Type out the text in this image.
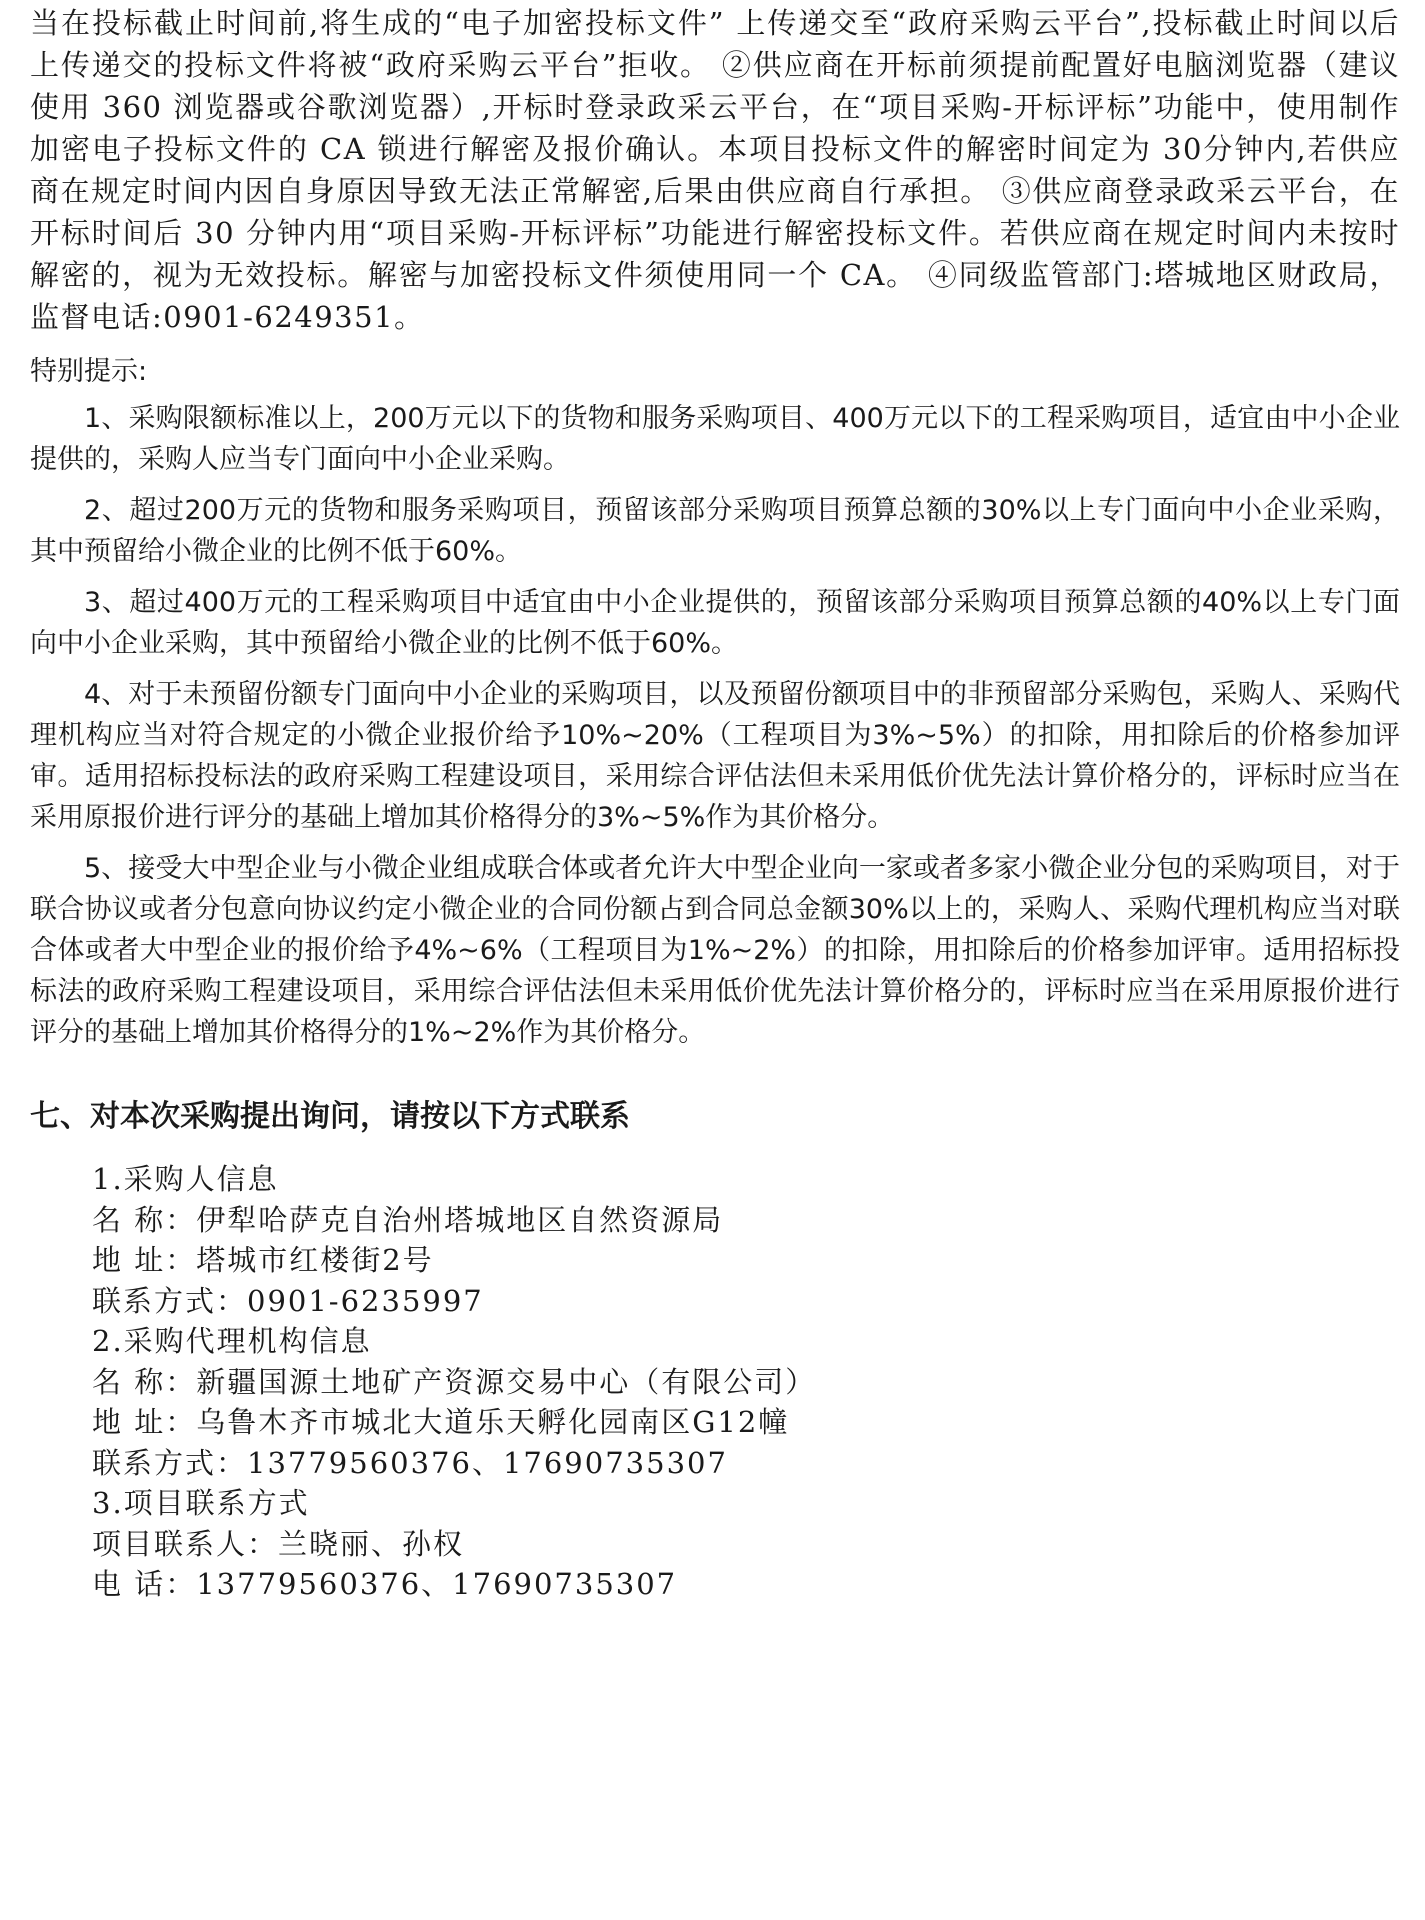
当在投标截止时间前,将生成的“电子加密投标文件” 上传递交至“政府采购云平台”,投标截止时间以后上传递交的投标文件将被“政府采购云平台”拒收。 ②供应商在开标前须提前配置好电脑浏览器（建议使用 360 浏览器或谷歌浏览器）,开标时登录政采云平台，在“项目采购-开标评标”功能中，使用制作加密电子投标文件的 CA 锁进行解密及报价确认。本项目投标文件的解密时间定为 30分钟内,若供应商在规定时间内因自身原因导致无法正常解密,后果由供应商自行承担。 ③供应商登录政采云平台，在开标时间后 30 分钟内用“项目采购-开标评标”功能进行解密投标文件。若供应商在规定时间内未按时解密的，视为无效投标。解密与加密投标文件须使用同一个 CA。 ④同级监管部门:塔城地区财政局，监督电话:0901-6249351。

特别提示:

1、采购限额标准以上，200万元以下的货物和服务采购项目、400万元以下的工程采购项目，适宜由中小企业提供的，采购人应当专门面向中小企业采购。

2、超过200万元的货物和服务采购项目，预留该部分采购项目预算总额的30%以上专门面向中小企业采购，其中预留给小微企业的比例不低于60%。

3、超过400万元的工程采购项目中适宜由中小企业提供的，预留该部分采购项目预算总额的40%以上专门面向中小企业采购，其中预留给小微企业的比例不低于60%。

4、对于未预留份额专门面向中小企业的采购项目，以及预留份额项目中的非预留部分采购包，采购人、采购代理机构应当对符合规定的小微企业报价给予10%~20%（工程项目为3%~5%）的扣除，用扣除后的价格参加评审。适用招标投标法的政府采购工程建设项目，采用综合评估法但未采用低价优先法计算价格分的，评标时应当在采用原报价进行评分的基础上增加其价格得分的3%~5%作为其价格分。

5、接受大中型企业与小微企业组成联合体或者允许大中型企业向一家或者多家小微企业分包的采购项目，对于联合协议或者分包意向协议约定小微企业的合同份额占到合同总金额30%以上的，采购人、采购代理机构应当对联合体或者大中型企业的报价给予4%~6%（工程项目为1%~2%）的扣除，用扣除后的价格参加评审。适用招标投标法的政府采购工程建设项目，采用综合评估法但未采用低价优先法计算价格分的，评标时应当在采用原报价进行评分的基础上增加其价格得分的1%~2%作为其价格分。

七、对本次采购提出询问，请按以下方式联系

1.采购人信息

名 称：伊犁哈萨克自治州塔城地区自然资源局

地 址：塔城市红楼街2号

联系方式：0901-6235997

2.采购代理机构信息

名 称：新疆国源土地矿产资源交易中心（有限公司）

地 址：乌鲁木齐市城北大道乐天孵化园南区G12幢

联系方式：13779560376、17690735307

3.项目联系方式

项目联系人：兰晓丽、孙权

电 话：13779560376、17690735307
